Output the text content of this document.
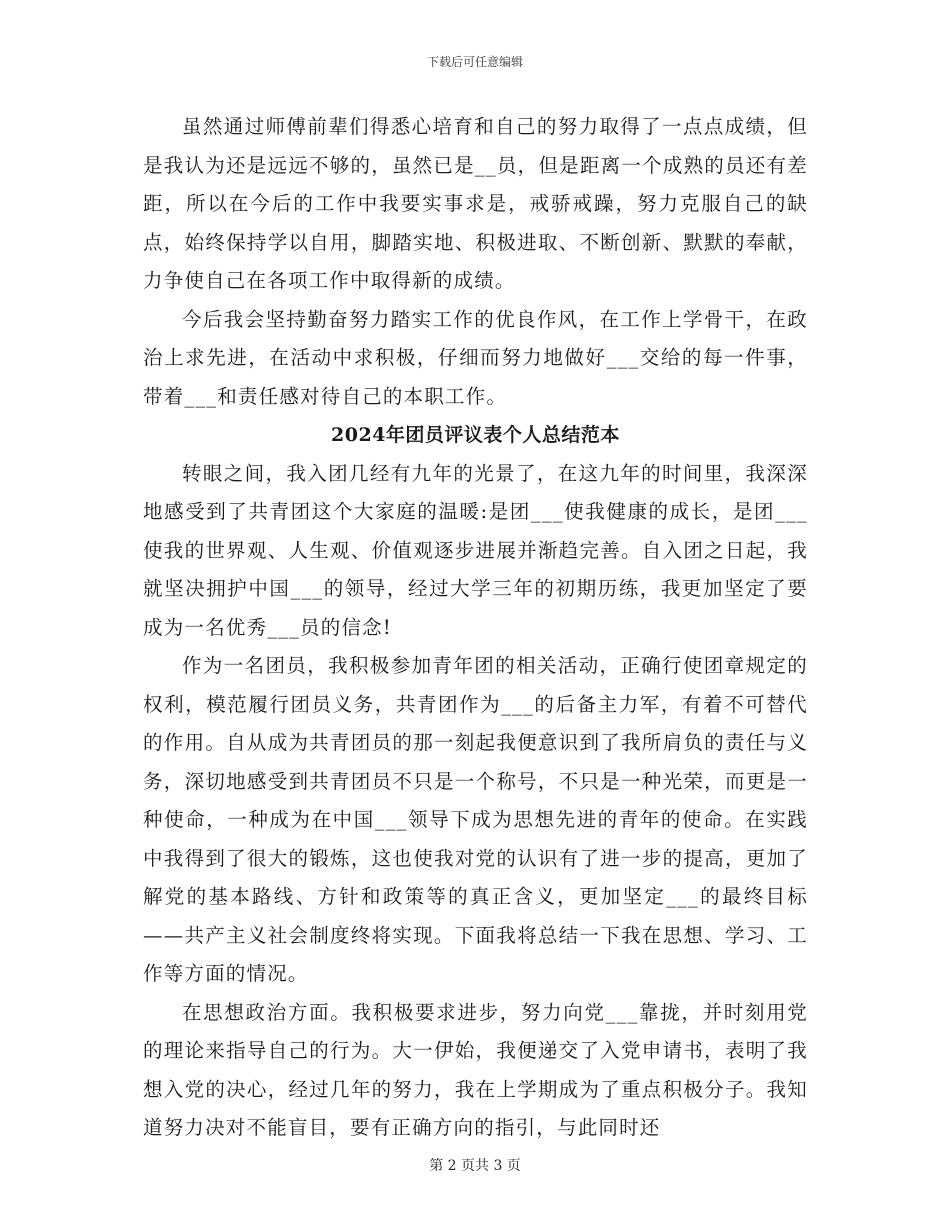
下载后可任意编辑

虽然通过师傅前辈们得悉心培育和自己的努力取得了一点点成绩，但是我认为还是远远不够的，虽然已是__员，但是距离一个成熟的员还有差距，所以在今后的工作中我要实事求是，戒骄戒躁，努力克服自己的缺点，始终保持学以自用，脚踏实地、积极进取、不断创新、默默的奉献，力争使自己在各项工作中取得新的成绩。

今后我会坚持勤奋努力踏实工作的优良作风，在工作上学骨干，在政治上求先进，在活动中求积极，仔细而努力地做好___交给的每一件事，带着___和责任感对待自己的本职工作。

2024年团员评议表个人总结范本

转眼之间，我入团几经有九年的光景了，在这九年的时间里，我深深地感受到了共青团这个大家庭的温暖:是团___使我健康的成长，是团___使我的世界观、人生观、价值观逐步进展并渐趋完善。自入团之日起，我就坚决拥护中国___的领导，经过大学三年的初期历练，我更加坚定了要成为一名优秀___员的信念!

作为一名团员，我积极参加青年团的相关活动，正确行使团章规定的权利，模范履行团员义务，共青团作为___的后备主力军，有着不可替代的作用。自从成为共青团员的那一刻起我便意识到了我所肩负的责任与义务，深切地感受到共青团员不只是一个称号，不只是一种光荣，而更是一种使命，一种成为在中国___领导下成为思想先进的青年的使命。在实践中我得到了很大的锻炼，这也使我对党的认识有了进一步的提高，更加了解党的基本路线、方针和政策等的真正含义，更加坚定___的最终目标——共产主义社会制度终将实现。下面我将总结一下我在思想、学习、工作等方面的情况。

在思想政治方面。我积极要求进步，努力向党___靠拢，并时刻用党的理论来指导自己的行为。大一伊始，我便递交了入党申请书，表明了我想入党的决心，经过几年的努力，我在上学期成为了重点积极分子。我知道努力决对不能盲目，要有正确方向的指引，与此同时还

第 2 页共 3 页
